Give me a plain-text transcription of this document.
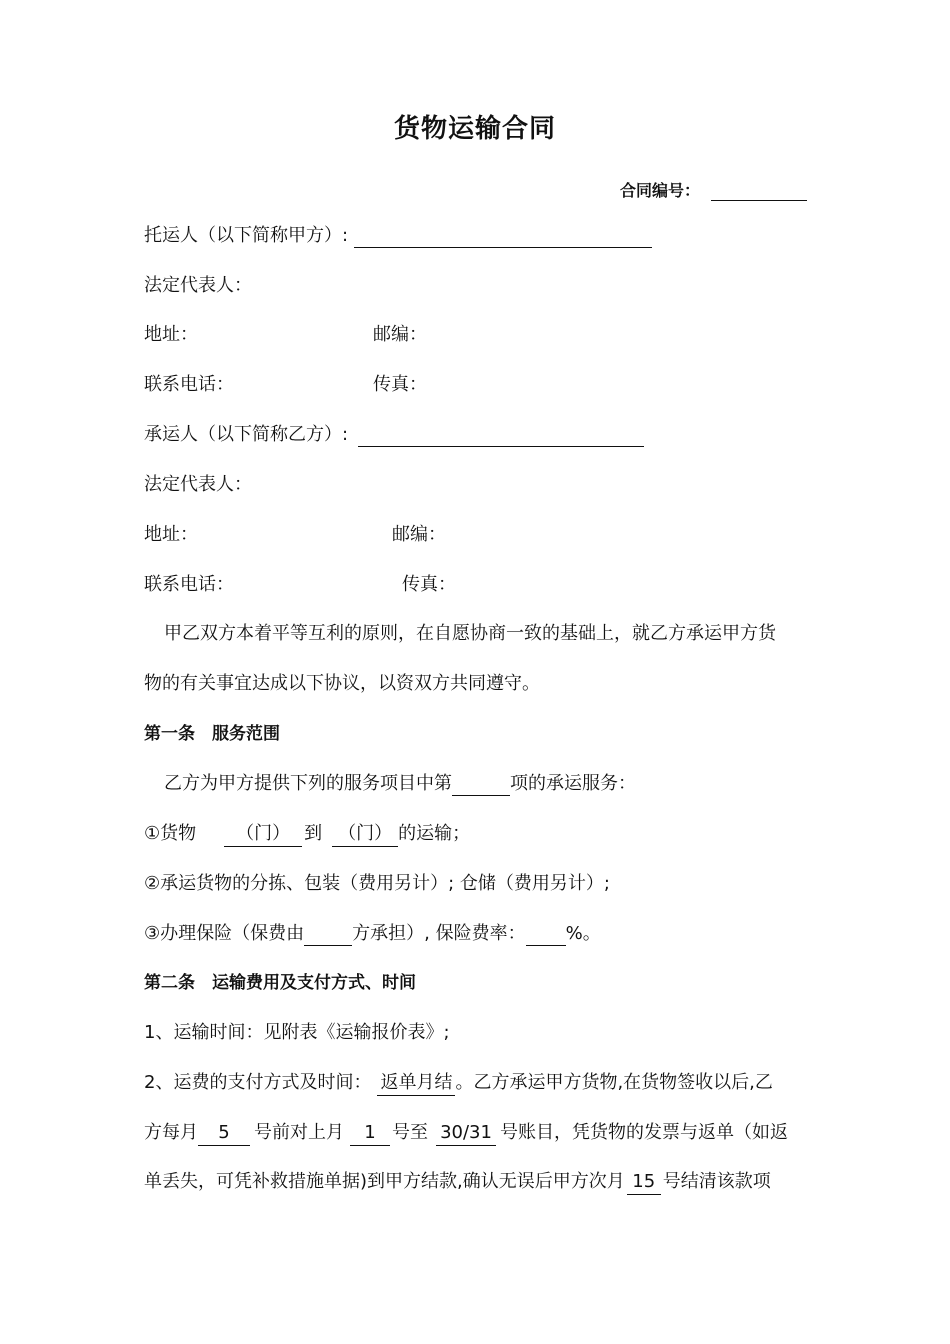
货物运输合同
合同编号：
托运人（以下简称甲方）:
法定代表人：
地址：	邮编：
联系电话：	传真：
承运人（以下简称乙方）:
法定代表人：
地址：	邮编：
联系电话：	传真：
甲乙双方本着平等互利的原则，在自愿协商一致的基础上，就乙方承运甲方货
物的有关事宜达成以下协议，以资双方共同遵守。
第一条　服务范围
乙方为甲方提供下列的服务项目中第	项的承运服务：
①货物 （门） 到 （门） 的运输；
②承运货物的分拣、包装（费用另计）; 仓储（费用另计）;
③办理保险（保费由	方承担）, 保险费率： %。
第二条　运输费用及支付方式、时间
1、运输时间：见附表《运输报价表》;
2、运费的支付方式及时间： 返单月结 。乙方承运甲方货物,在货物签收以后,乙
方每月 5 号前对上月 1 号至 30/31 号账目，凭货物的发票与返单（如返
单丢失，可凭补救措施单据)到甲方结款,确认无误后甲方次月 15 号结清该款项
